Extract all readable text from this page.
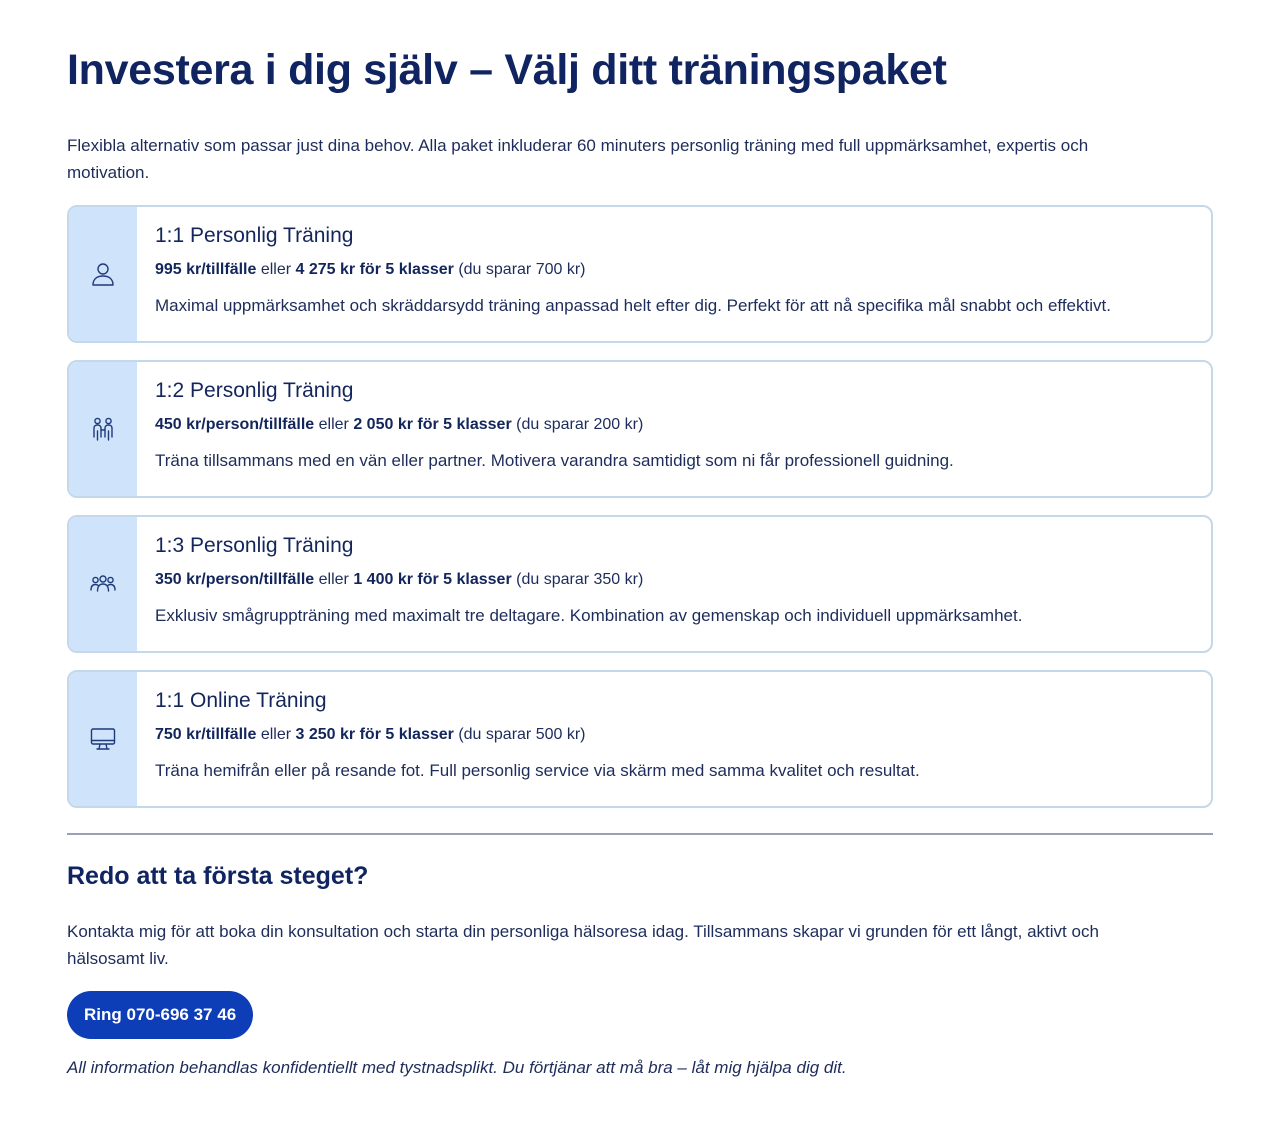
Investera i dig själv – Välj ditt träningspaket

Flexibla alternativ som passar just dina behov. Alla paket inkluderar 60 minuters personlig träning med full uppmärksamhet, expertis och motivation.

1:1 Personlig Träning

995 kr/tillfälle eller 4 275 kr för 5 klasser (du sparar 700 kr)

Maximal uppmärksamhet och skräddarsydd träning anpassad helt efter dig. Perfekt för att nå specifika mål snabbt och effektivt.

1:2 Personlig Träning

450 kr/person/tillfälle eller 2 050 kr för 5 klasser (du sparar 200 kr)

Träna tillsammans med en vän eller partner. Motivera varandra samtidigt som ni får professionell guidning.

1:3 Personlig Träning

350 kr/person/tillfälle eller 1 400 kr för 5 klasser (du sparar 350 kr)

Exklusiv smågruppträning med maximalt tre deltagare. Kombination av gemenskap och individuell uppmärksamhet.

1:1 Online Träning

750 kr/tillfälle eller 3 250 kr för 5 klasser (du sparar 500 kr)

Träna hemifrån eller på resande fot. Full personlig service via skärm med samma kvalitet och resultat.

Redo att ta första steget?

Kontakta mig för att boka din konsultation och starta din personliga hälsoresa idag. Tillsammans skapar vi grunden för ett långt, aktivt och hälsosamt liv.

Ring 070-696 37 46

All information behandlas konfidentiellt med tystnadsplikt. Du förtjänar att må bra – låt mig hjälpa dig dit.
